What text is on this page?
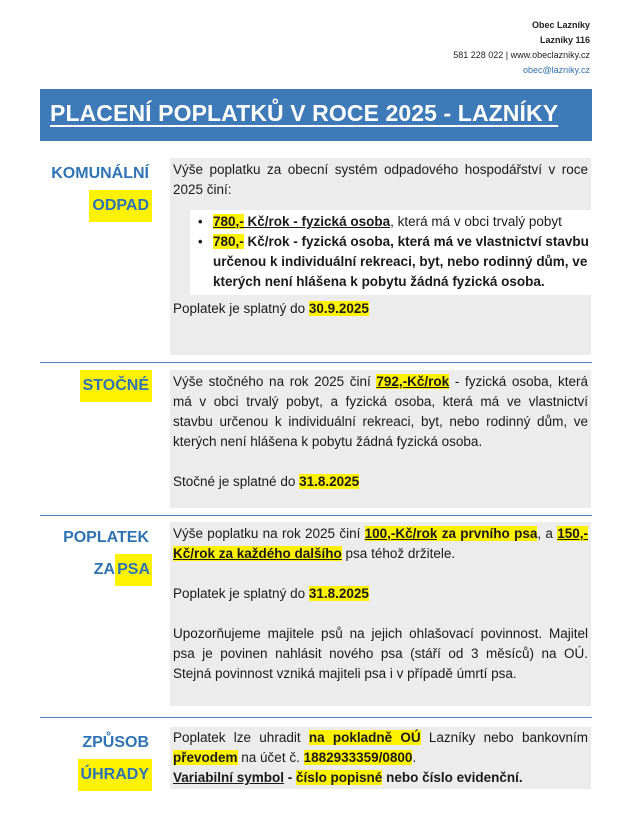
Obec Lazníky
Lazníky 116
581 228 022 | www.obeclazniky.cz
obec@lazniky.cz
PLACENÍ POPLATKŮ V ROCE 2025 - LAZNÍKY
KOMUNÁLNÍ
ODPAD

Výše poplatku za obecní systém odpadového hospodářství v roce 2025 činí:

• 780,- Kč/rok - fyzická osoba, která má v obci trvalý pobyt
• 780,- Kč/rok - fyzická osoba, která má ve vlastnictví stavbu určenou k individuální rekreaci, byt, nebo rodinný dům, ve kterých není hlášena k pobytu žádná fyzická osoba.

Poplatek je splatný do 30.9.2025

STOČNÉ Výše stočného na rok 2025 činí 792,-Kč/rok - fyzická osoba, která má v obci trvalý pobyt, a fyzická osoba, která má ve vlastnictví stavbu určenou k individuální rekreaci, byt, nebo rodinný dům, ve kterých není hlášena k pobytu žádná fyzická osoba.

Stočné je splatné do 31.8.2025

POPLATEK
ZAPSA

Výše poplatku na rok 2025 činí 100,-Kč/rok za prvního psa, a 150,-Kč/rok za každého dalšího psa téhož držitele.

Poplatek je splatný do 31.8.2025

Upozorňujeme majitele psů na jejich ohlašovací povinnost. Majitel psa je povinen nahlásit nového psa (stáří od 3 měsíců) na OÚ. Stejná povinnost vzniká majiteli psa i v případě úmrtí psa.

ZPŮSOB
ÚHRADY

Poplatek lze uhradit na pokladně OÚ Lazníky nebo bankovním převodem na účet č. 1882933359/0800.

Variabilní symbol - číslo popisné nebo číslo evidenční.
